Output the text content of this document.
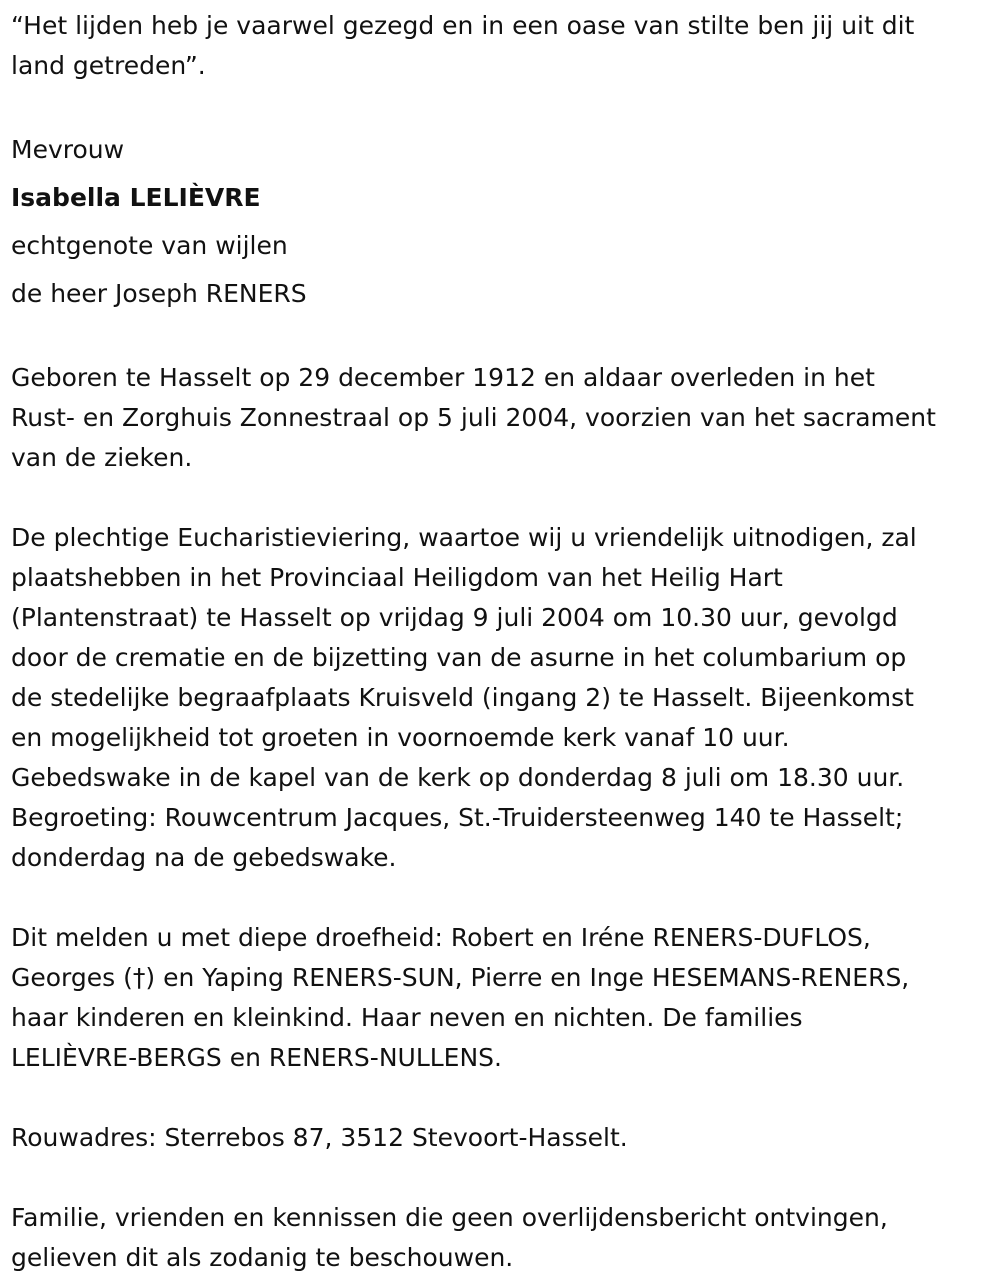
“Het lijden heb je vaarwel gezegd en in een oase van stilte ben jij uit dit
land getreden”.
Mevrouw
Isabella LELIÈVRE
echtgenote van wijlen
de heer Joseph RENERS
Geboren te Hasselt op 29 december 1912 en aldaar overleden in het
Rust- en Zorghuis Zonnestraal op 5 juli 2004, voorzien van het sacrament
van de zieken.
De plechtige Eucharistieviering, waartoe wij u vriendelijk uitnodigen, zal
plaatshebben in het Provinciaal Heiligdom van het Heilig Hart
(Plantenstraat) te Hasselt op vrijdag 9 juli 2004 om 10.30 uur, gevolgd
door de crematie en de bijzetting van de asurne in het columbarium op
de stedelijke begraafplaats Kruisveld (ingang 2) te Hasselt. Bijeenkomst
en mogelijkheid tot groeten in voornoemde kerk vanaf 10 uur.
Gebedswake in de kapel van de kerk op donderdag 8 juli om 18.30 uur.
Begroeting: Rouwcentrum Jacques, St.-Truidersteenweg 140 te Hasselt;
donderdag na de gebedswake.
Dit melden u met diepe droefheid: Robert en Iréne RENERS-DUFLOS,
Georges (†) en Yaping RENERS-SUN, Pierre en Inge HESEMANS-RENERS,
haar kinderen en kleinkind. Haar neven en nichten. De families
LELIÈVRE-BERGS en RENERS-NULLENS.
Rouwadres: Sterrebos 87, 3512 Stevoort-Hasselt.
Familie, vrienden en kennissen die geen overlijdensbericht ontvingen,
gelieven dit als zodanig te beschouwen.
